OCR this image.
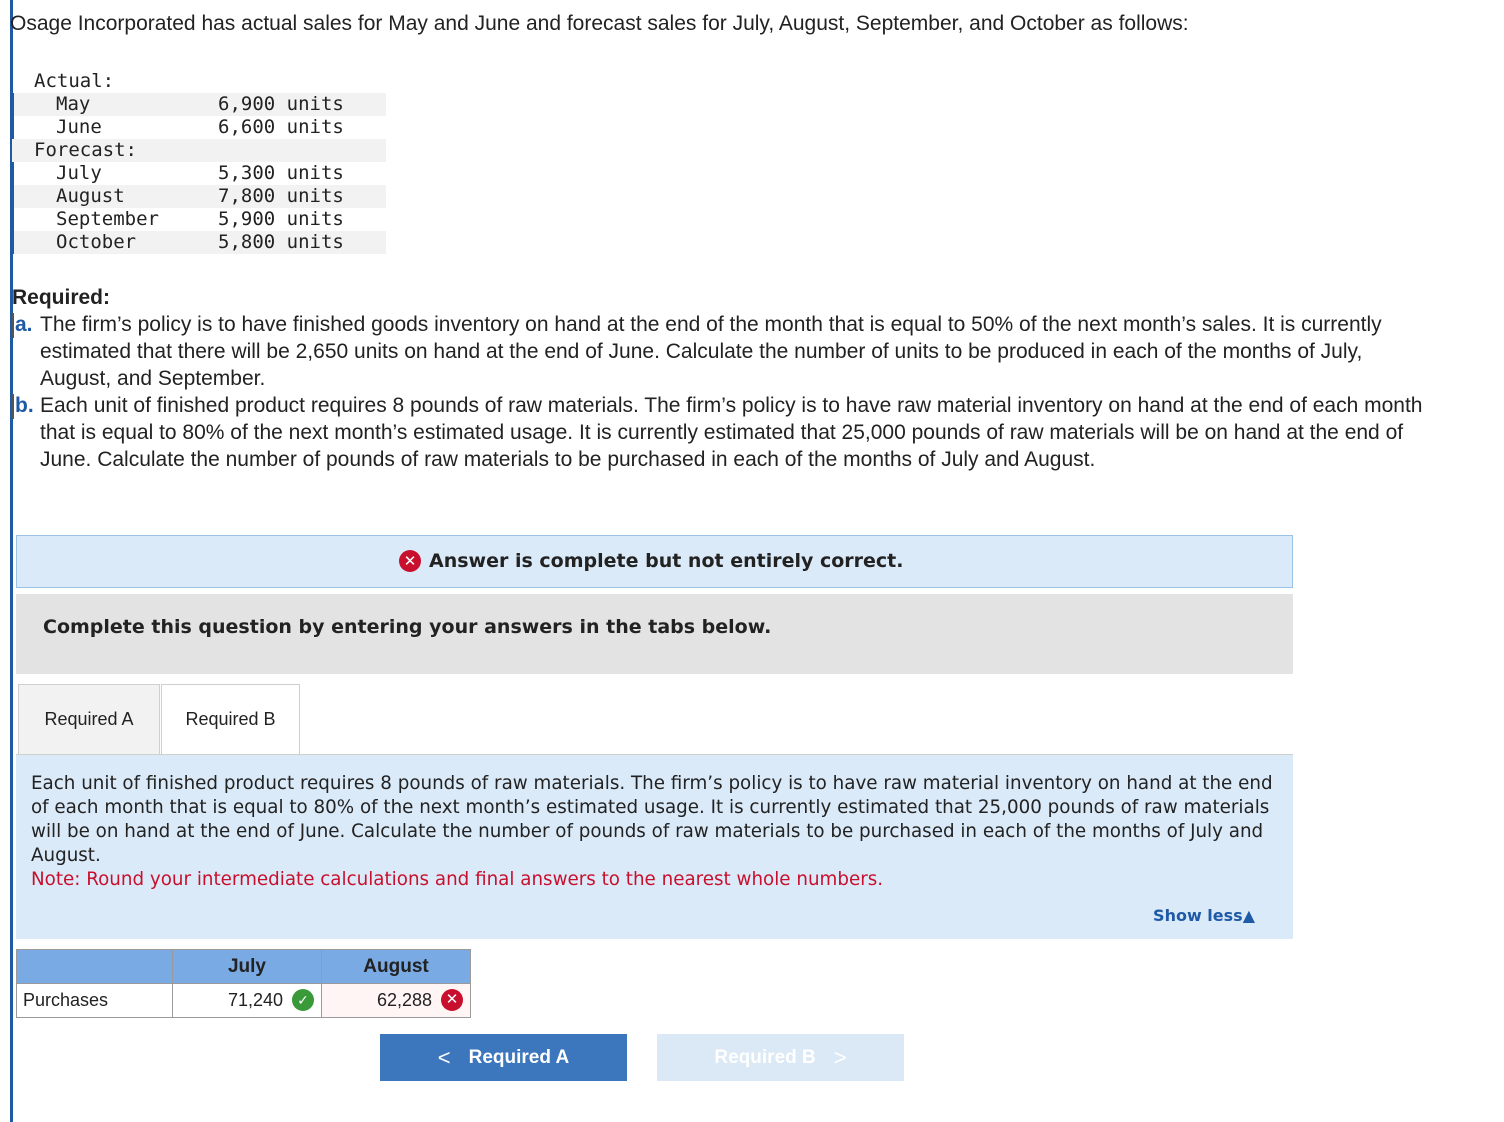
Osage Incorporated has actual sales for May and June and forecast sales for July, August, September, and October as follows:
Actual:
May	6,900 units
June	6,600 units
Forecast:
July	5,300 units
August	7,800 units
September	5,900 units
October	5,800 units
Required:
a. The firm’s policy is to have finished goods inventory on hand at the end of the month that is equal to 50% of the next month’s sales. It is currently estimated that there will be 2,650 units on hand at the end of June. Calculate the number of units to be produced in each of the months of July, August, and September.
b. Each unit of finished product requires 8 pounds of raw materials. The firm’s policy is to have raw material inventory on hand at the end of each month that is equal to 80% of the next month’s estimated usage. It is currently estimated that 25,000 pounds of raw materials will be on hand at the end of June. Calculate the number of pounds of raw materials to be purchased in each of the months of July and August.
✕ Answer is complete but not entirely correct.
Complete this question by entering your answers in the tabs below.
Required A	Required B
Each unit of finished product requires 8 pounds of raw materials. The firm’s policy is to have raw material inventory on hand at the end of each month that is equal to 80% of the next month’s estimated usage. It is currently estimated that 25,000 pounds of raw materials will be on hand at the end of June. Calculate the number of pounds of raw materials to be purchased in each of the months of July and August.
Note: Round your intermediate calculations and final answers to the nearest whole numbers.
Show less▲
	July	August
Purchases	71,240 ✓	62,288 ✕
< Required A	Required B >
